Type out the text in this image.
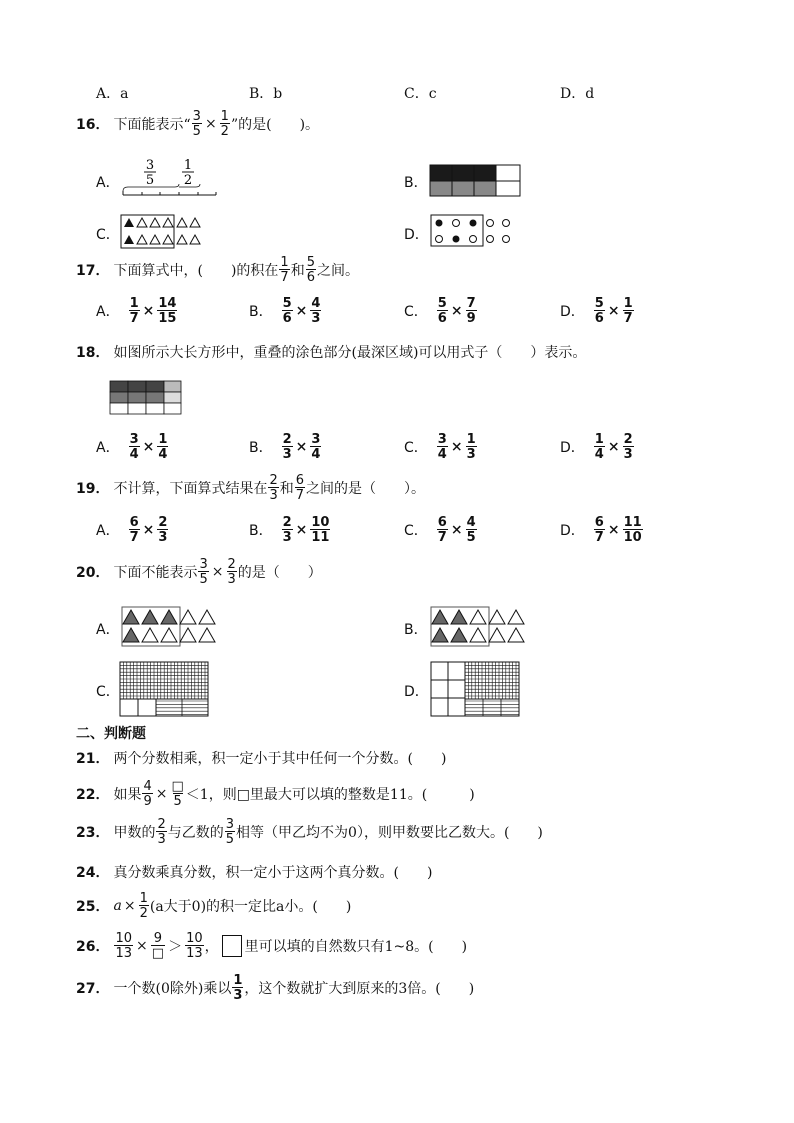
A．a	B．b	C．c	D．d
16． 下面能表示“ $\frac{3}{5} \times \frac{1}{2}$ ”的是(　　)。
A．
3
5
1
2	B．
C．	D．
17． 下面算式中，(　　)的积在 $\frac{1}{7}$ 和 $\frac{5}{6}$ 之间。
A． $\frac{1}{7} \times \frac{14}{15}$	B． $\frac{5}{6} \times \frac{4}{3}$	C． $\frac{5}{6} \times \frac{7}{9}$	D． $\frac{5}{6} \times \frac{1}{7}$
18． 如图所示大长方形中，重叠的涂色部分(最深区域)可以用式子（　　）表示。
A． $\frac{3}{4} \times \frac{1}{4}$	B． $\frac{2}{3} \times \frac{3}{4}$	C． $\frac{3}{4} \times \frac{1}{3}$	D． $\frac{1}{4} \times \frac{2}{3}$
19． 不计算，下面算式结果在 $\frac{2}{3}$ 和 $\frac{6}{7}$ 之间的是（　　）。
A． $\frac{6}{7} \times \frac{2}{3}$	B． $\frac{2}{3} \times \frac{10}{11}$	C． $\frac{6}{7} \times \frac{4}{5}$	D． $\frac{6}{7} \times \frac{11}{10}$
20． 下面不能表示 $\frac{3}{5} \times \frac{2}{3}$ 的是（　　）
A．	B．
C．	D．
二、判断题
21． 两个分数相乘，积一定小于其中任何一个分数。(　　)
22． 如果 $\frac{4}{9} \times \frac{□}{5} <1$，则□里最大可以填的整数是11。(　　　)
23． 甲数的 $\frac{2}{3}$ 与乙数的 $\frac{3}{5}$ 相等（甲乙均不为0），则甲数要比乙数大。(　　)
24． 真分数乘真分数，积一定小于这两个真分数。(　　)
25． $a \times \frac{1}{2} (a$大于0)的积一定比a小。(　　)
26． $\frac{10}{13} \times \frac{9}{□} > \frac{10}{13}$ ， 里可以填的自然数只有1~8。(　　)
27． 一个数(0除外)乘以 $\frac{1}{3}$ ，这个数就扩大到原来的3倍。(　　)
